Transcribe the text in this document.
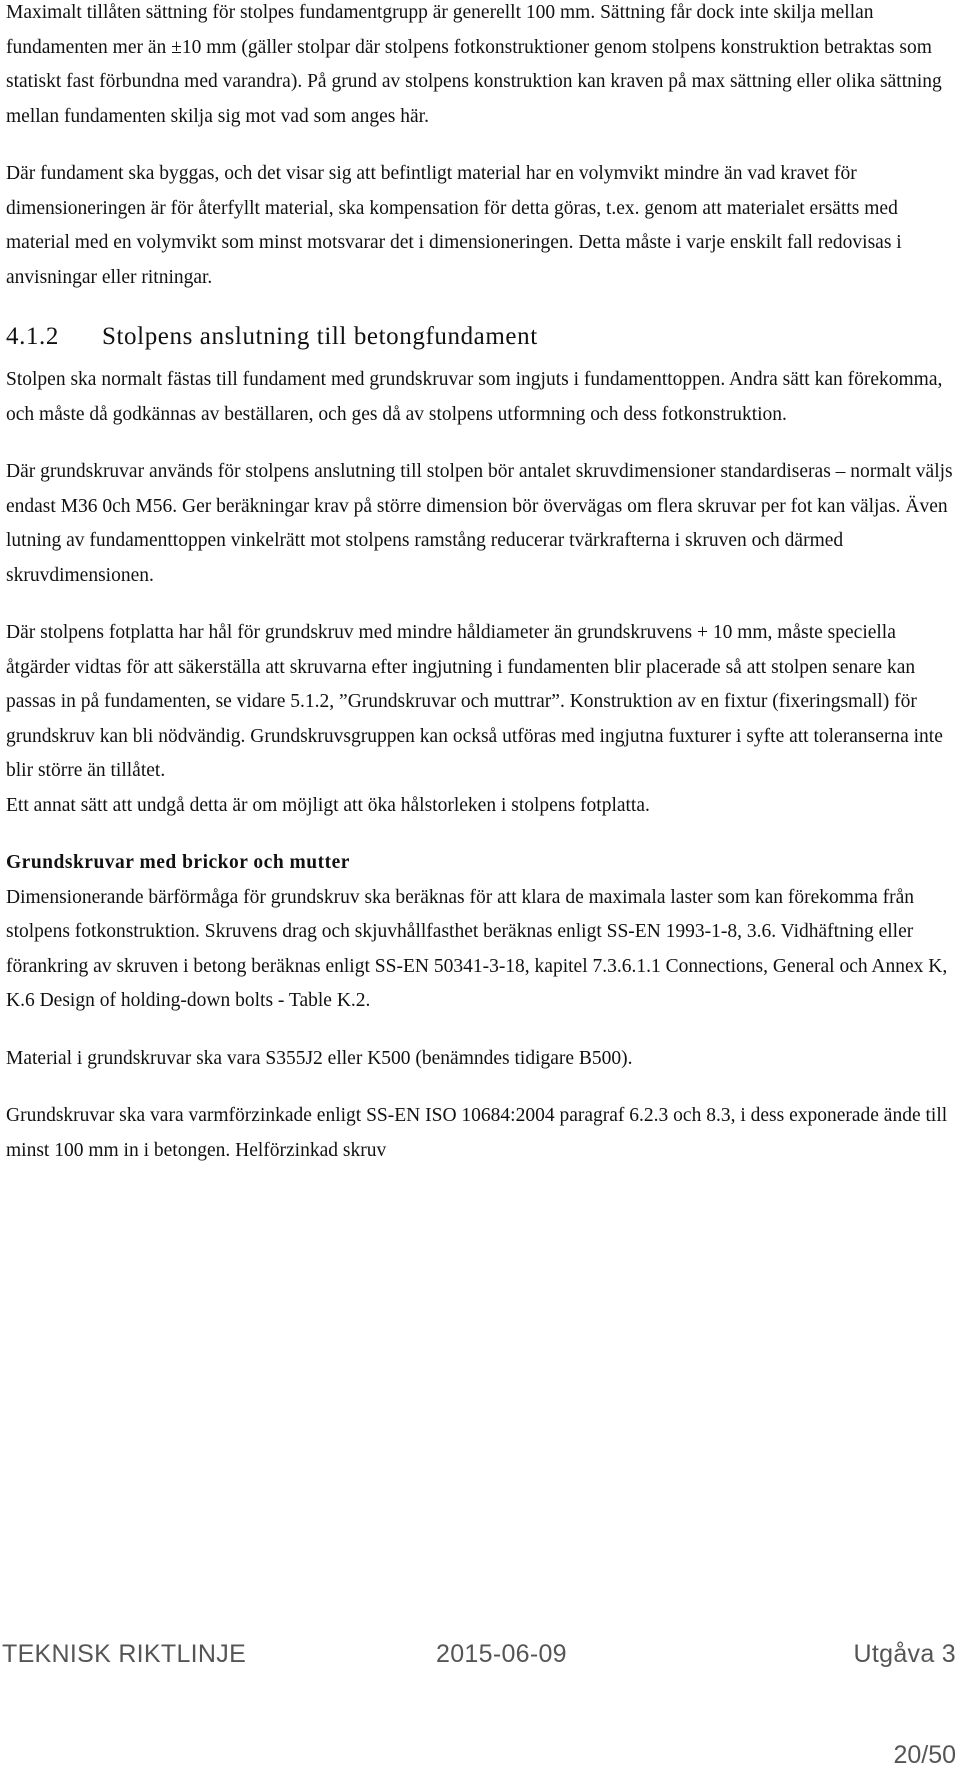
Maximalt tillåten sättning för stolpes fundamentgrupp är generellt 100 mm. Sättning får dock inte skilja mellan fundamenten mer än ±10 mm (gäller stolpar där stolpens fotkonstruktioner genom stolpens konstruktion betraktas som statiskt fast förbundna med varandra). På grund av stolpens konstruktion kan kraven på max sättning eller olika sättning mellan fundamenten skilja sig mot vad som anges här.

Där fundament ska byggas, och det visar sig att befintligt material har en volymvikt mindre än vad kravet för dimensioneringen är för återfyllt material, ska kompensation för detta göras, t.ex. genom att materialet ersätts med material med en volymvikt som minst motsvarar det i dimensioneringen. Detta måste i varje enskilt fall redovisas i anvisningar eller ritningar.

4.1.2	Stolpens anslutning till betongfundament

Stolpen ska normalt fästas till fundament med grundskruvar som ingjuts i fundamenttoppen. Andra sätt kan förekomma, och måste då godkännas av beställaren, och ges då av stolpens utformning och dess fotkonstruktion.

Där grundskruvar används för stolpens anslutning till stolpen bör antalet skruvdimensioner standardiseras – normalt väljs endast M36 0ch M56. Ger beräkningar krav på större dimension bör övervägas om flera skruvar per fot kan väljas. Även lutning av fundamenttoppen vinkelrätt mot stolpens ramstång reducerar tvärkrafterna i skruven och därmed skruvdimensionen.

Där stolpens fotplatta har hål för grundskruv med mindre håldiameter än grundskruvens + 10 mm, måste speciella åtgärder vidtas för att säkerställa att skruvarna efter ingjutning i fundamenten blir placerade så att stolpen senare kan passas in på fundamenten, se vidare 5.1.2, ”Grundskruvar och muttrar”. Konstruktion av en fixtur (fixeringsmall) för grundskruv kan bli nödvändig. Grundskruvsgruppen kan också utföras med ingjutna fuxturer i syfte att toleranserna inte blir större än tillåtet.

Ett annat sätt att undgå detta är om möjligt att öka hålstorleken i stolpens fotplatta.

Grundskruvar med brickor och mutter

Dimensionerande bärförmåga för grundskruv ska beräknas för att klara de maximala laster som kan förekomma från stolpens fotkonstruktion. Skruvens drag och skjuvhållfasthet beräknas enligt SS-EN 1993-1-8, 3.6. Vidhäftning eller förankring av skruven i betong beräknas enligt SS-EN 50341-3-18, kapitel 7.3.6.1.1 Connections, General och Annex K, K.6 Design of holding-down bolts - Table K.2.

Material i grundskruvar ska vara S355J2 eller K500 (benämndes tidigare B500).

Grundskruvar ska vara varmförzinkade enligt SS-EN ISO 10684:2004 paragraf 6.2.3 och 8.3, i dess exponerade ände till minst 100 mm in i betongen. Helförzinkad skruv

TEKNISK RIKTLINJE	2015-06-09	Utgåva 3
20/50
